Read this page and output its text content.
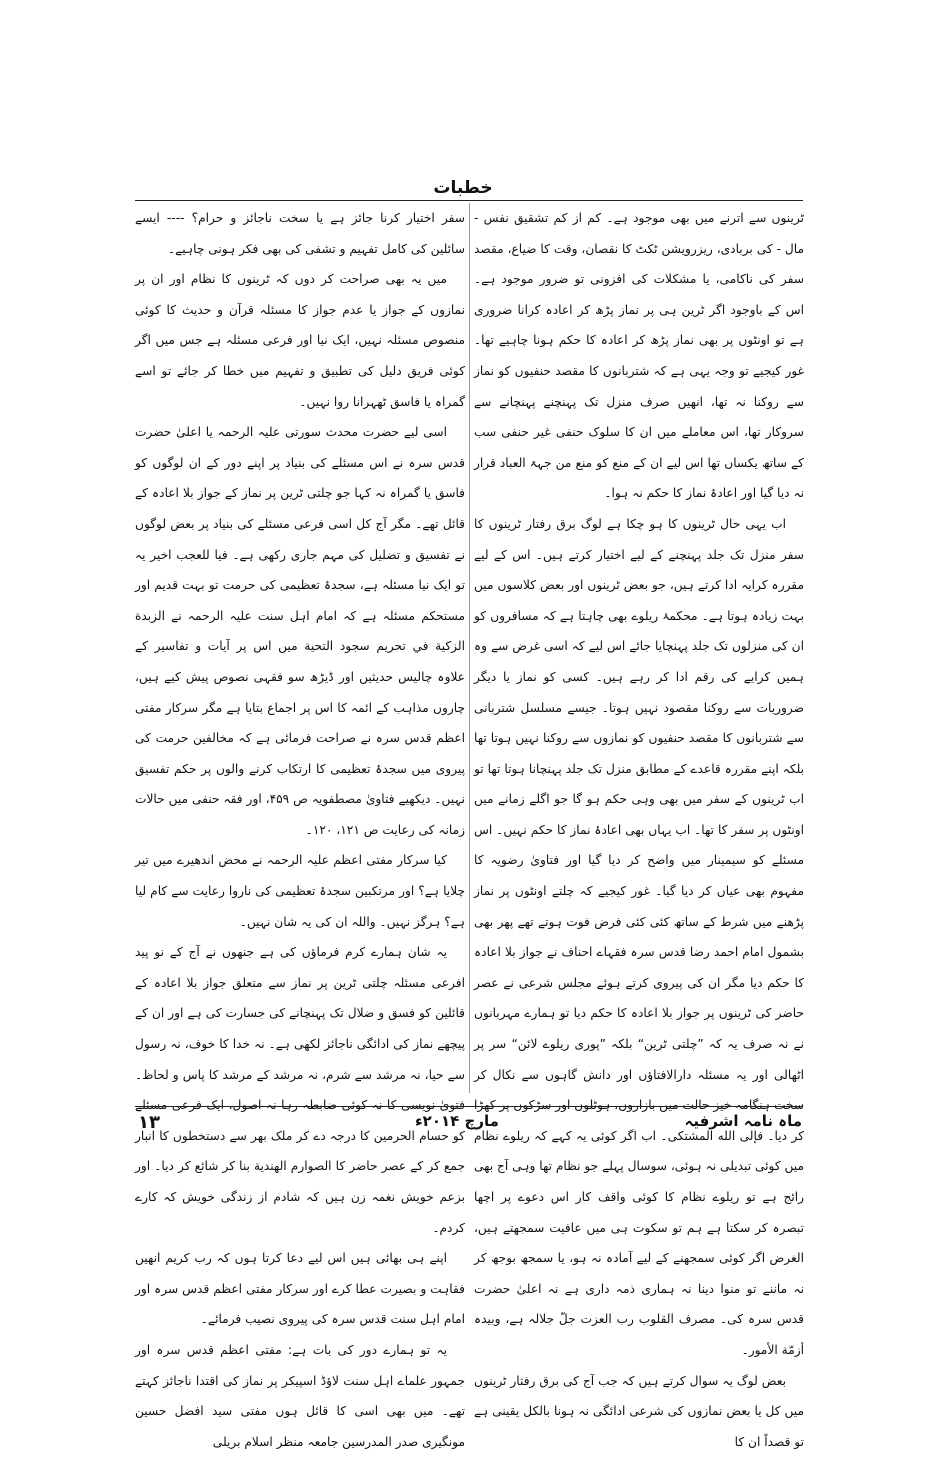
خطبات

ٹرینوں سے اترنے میں بھی موجود ہے۔ کم از کم تشقیق نفس - مال - کی بربادی، ریزرویشن ٹکٹ کا نقصان، وقت کا ضیاع، مقصد سفر کی ناکامی، یا مشکلات کی افزونی تو ضرور موجود ہے۔ اس کے باوجود اگر ٹرین ہی پر نماز پڑھ کر اعادہ کرانا ضروری ہے تو اونٹوں پر بھی نماز پڑھ کر اعادہ کا حکم ہونا چاہیے تھا۔ غور کیجیے تو وجہ یہی ہے کہ شتربانوں کا مقصد حنفیوں کو نماز سے روکنا نہ تھا، انھیں صرف منزل تک پہنچنے پہنچانے سے سروکار تھا، اس معاملے میں ان کا سلوک حنفی غیر حنفی سب کے ساتھ یکساں تھا اس لیے ان کے منع کو منع من جہۃ العباد قرار نہ دیا گیا اور اعادۂ نماز کا حکم نہ ہوا۔

اب یہی حال ٹرینوں کا ہو چکا ہے لوگ برق رفتار ٹرینوں کا سفر منزل تک جلد پہنچنے کے لیے اختیار کرتے ہیں۔ اس کے لیے مقررہ کرایہ ادا کرتے ہیں، جو بعض ٹرینوں اور بعض کلاسوں میں بہت زیادہ ہوتا ہے۔ محکمۂ ریلوے بھی چاہتا ہے کہ مسافروں کو ان کی منزلوں تک جلد پہنچایا جائے اس لیے کہ اسی غرض سے وہ ہمیں کرایے کی رقم ادا کر رہے ہیں۔ کسی کو نماز یا دیگر ضروریات سے روکنا مقصود نہیں ہوتا۔ جیسے مسلسل شتربانی سے شتربانوں کا مقصد حنفیوں کو نمازوں سے روکنا نہیں ہوتا تھا بلکہ اپنے مقررہ قاعدے کے مطابق منزل تک جلد پہنچانا ہوتا تھا تو اب ٹرینوں کے سفر میں بھی وہی حکم ہو گا جو اگلے زمانے میں اونٹوں پر سفر کا تھا۔ اب یہاں بھی اعادۂ نماز کا حکم نہیں۔ اس مسئلے کو سیمینار میں واضح کر دیا گیا اور فتاویٰ رضویہ کا مفہوم بھی عیاں کر دیا گیا۔ غور کیجیے کہ چلتے اونٹوں پر نماز پڑھنے میں شرط کے ساتھ کئی کئی فرض فوت ہوتے تھے پھر بھی بشمول امام احمد رضا قدس سرہ فقہاے احناف نے جواز بلا اعادہ کا حکم دیا مگر ان کی پیروی کرتے ہوئے مجلس شرعی نے عصر حاضر کی ٹرینوں پر جواز بلا اعادہ کا حکم دیا تو ہمارے مہربانوں نے نہ صرف یہ کہ ”چلتی ٹرین“ بلکہ ”پوری ریلوے لائن“ سر پر اٹھالی اور یہ مسئلہ دارالافتاؤں اور دانش گاہوں سے نکال کر سخت ہنگامہ خیز حالت میں بازاروں، ہوٹلوں اور سڑکوں پر کھڑا کر دیا۔ فإلى الله المشتكى۔ اب اگر کوئی یہ کہے کہ ریلوے نظام میں کوئی تبدیلی نہ ہوئی، سوسال پہلے جو نظام تھا وہی آج بھی رائج ہے تو ریلوے نظام کا کوئی واقف کار اس دعوے پر اچھا تبصرہ کر سکتا ہے ہم تو سکوت ہی میں عافیت سمجھتے ہیں، الغرض اگر کوئی سمجھنے کے لیے آمادہ نہ ہو، یا سمجھ بوجھ کر نہ ماننے تو منوا دینا نہ ہماری ذمہ داری ہے نہ اعلیٰ حضرت قدس سرہ کی۔ مصرف القلوب رب العزت جلّ جلالہ ہے، وبیدہ أزمّة الأمور۔

بعض لوگ یہ سوال کرتے ہیں کہ جب آج کی برق رفتار ٹرینوں میں کل یا بعض نمازوں کی شرعی ادائگی نہ ہونا بالکل یقینی ہے تو قصداً ان کا

سفر اختیار کرنا جائز ہے یا سخت ناجائز و حرام؟ ---- ایسے سائلین کی کامل تفہیم و تشفی کی بھی فکر ہونی چاہیے۔

میں یہ بھی صراحت کر دوں کہ ٹرینوں کا نظام اور ان پر نمازوں کے جواز یا عدم جواز کا مسئلہ قرآن و حدیث کا کوئی منصوص مسئلہ نہیں، ایک نیا اور فرعی مسئلہ ہے جس میں اگر کوئی فریق دلیل کی تطبیق و تفہیم میں خطا کر جائے تو اسے گمراہ یا فاسق ٹھہرانا روا نہیں۔

اسی لیے حضرت محدث سورتی علیہ الرحمہ یا اعلیٰ حضرت قدس سرہ نے اس مسئلے کی بنیاد پر اپنے دور کے ان لوگوں کو فاسق یا گمراہ نہ کہا جو چلتی ٹرین پر نماز کے جواز بلا اعادہ کے قائل تھے۔ مگر آج کل اسی فرعی مسئلے کی بنیاد پر بعض لوگوں نے تفسیق و تضلیل کی مہم جاری رکھی ہے۔ فیا للعجب اخیر یہ تو ایک نیا مسئلہ ہے، سجدۂ تعظیمی کی حرمت تو بہت قدیم اور مستحکم مسئلہ ہے کہ امام اہل سنت علیہ الرحمہ نے الزبدة الزكية في تحريم سجود التحية میں اس پر آیات و تفاسیر کے علاوہ چالیس حدیثیں اور ڈیڑھ سو فقہی نصوص پیش کیے ہیں، چاروں مذاہب کے ائمہ کا اس پر اجماع بتایا ہے مگر سرکار مفتی اعظم قدس سرہ نے صراحت فرمائی ہے کہ مخالفین حرمت کی پیروی میں سجدۂ تعظیمی کا ارتکاب کرنے والوں پر حکم تفسیق نہیں۔ دیکھیے فتاویٰ مصطفویہ ص ۴۵۹، اور فقہ حنفی میں حالات زمانہ کی رعایت ص ۱۲۱، ۱۲۰۔

کیا سرکار مفتی اعظم علیہ الرحمہ نے محض اندھیرے میں تیر چلایا ہے؟ اور مرتکبین سجدۂ تعظیمی کی ناروا رعایت سے کام لیا ہے؟ ہرگز نہیں۔ واللہ ان کی یہ شان نہیں۔

یہ شان ہمارے کرم فرماؤں کی ہے جنھوں نے آج کے نو پید افرعی مسئلہ چلتی ٹرین پر نماز سے متعلق جواز بلا اعادہ کے قائلین کو فسق و ضلال تک پہنچانے کی جسارت کی ہے اور ان کے پیچھے نماز کی ادائگی ناجائز لکھی ہے۔ نہ خدا کا خوف، نہ رسول سے حیا، نہ مرشد سے شرم، نہ مرشد کے مرشد کا پاس و لحاظ۔ فتویٰ نویسی کا نہ کوئی ضابطہ رہا نہ اصول، ایک فرعی مسئلے کو حسام الحرمین کا درجہ دے کر ملک بھر سے دستخطوں کا انبار جمع کر کے عصر حاضر کا الصوارم الهندية بنا کر شائع کر دیا۔ اور بزعم خویش نغمہ زن ہیں کہ شادم از زندگی خویش کہ کارے کردم۔

اپنے ہی بھائی ہیں اس لیے دعا کرتا ہوں کہ رب کریم انھیں فقاہت و بصیرت عطا کرے اور سرکار مفتی اعظم قدس سرہ اور امام اہل سنت قدس سرہ کی پیروی نصیب فرمائے۔

یہ تو ہمارے دور کی بات ہے: مفتی اعظم قدس سرہ اور جمہور علماے اہل سنت لاؤڈ اسپیکر پر نماز کی اقتدا ناجائز کہتے تھے۔ میں بھی اسی کا قائل ہوں مفتی سید افضل حسین مونگیری صدر المدرسین جامعہ منظر اسلام بریلی

ماہ نامہ اشرفیہ
مارچ ۲۰۱۴ء
۱۳
